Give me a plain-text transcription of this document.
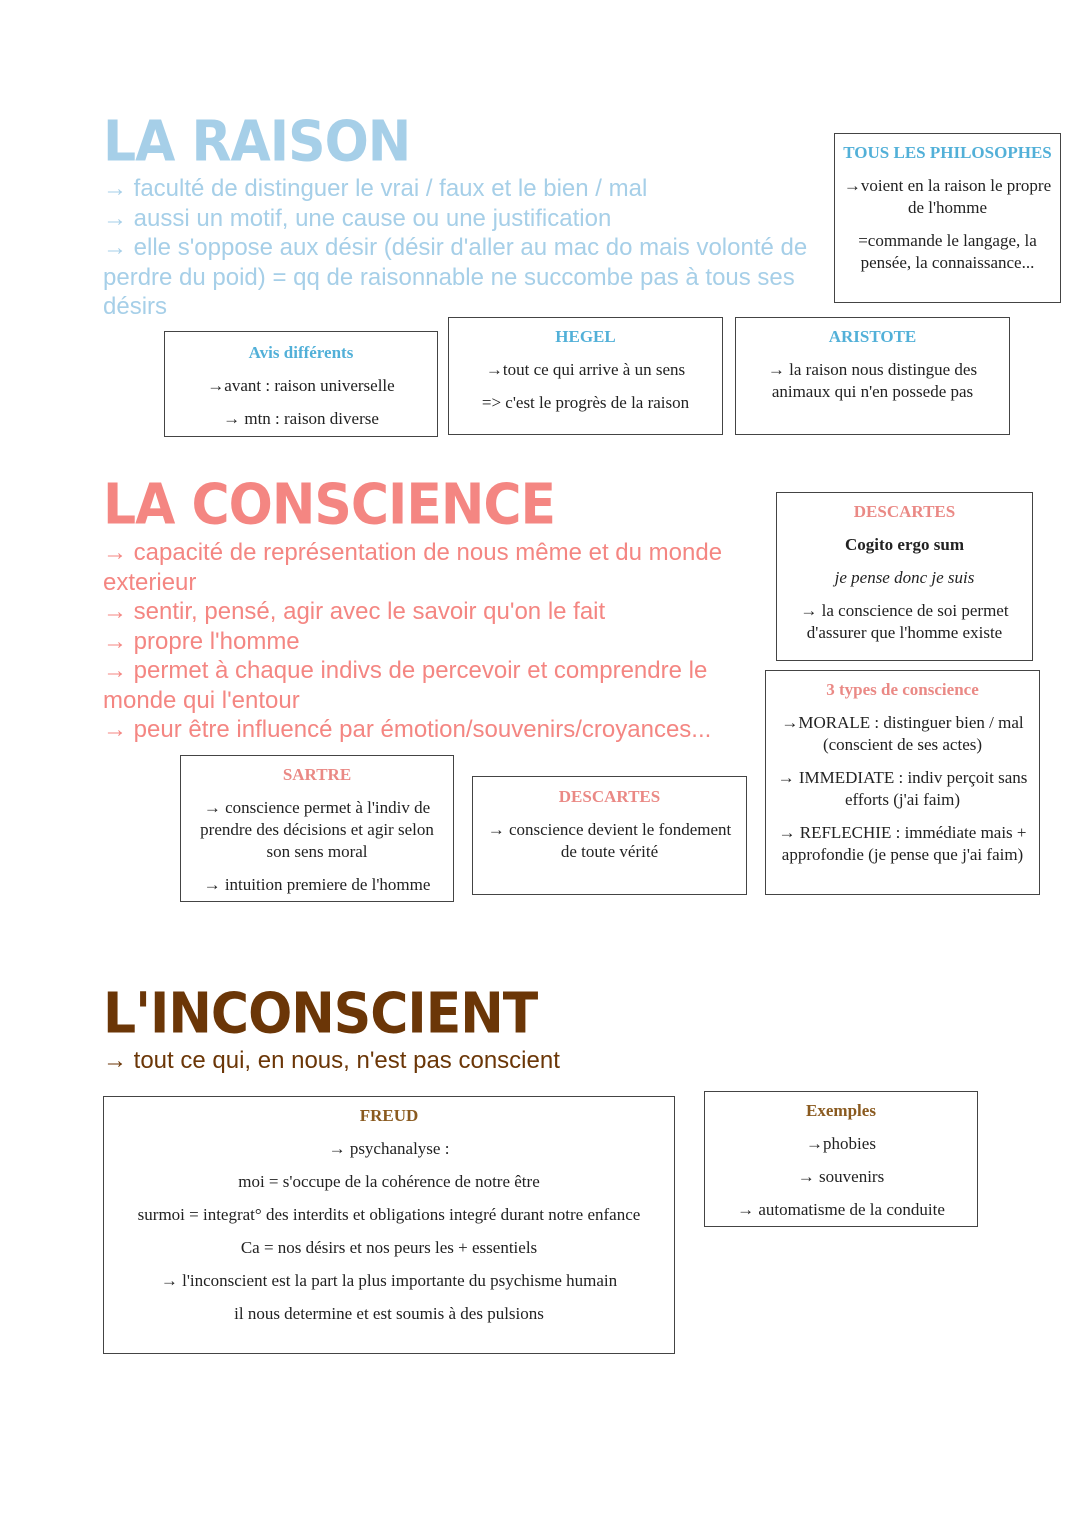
LA RAISON
→ faculté de distinguer le vrai / faux et le bien / mal
→ aussi un motif, une cause ou une justification
→ elle s'oppose aux désir (désir d'aller au mac do mais volonté de perdre du poid) = qq de raisonnable ne succombe pas à tous ses désirs
TOUS LES PHILOSOPHES
→voient en la raison le propre de l'homme
=commande le langage, la pensée, la connaissance...
Avis différents
→avant : raison universelle
→ mtn : raison diverse
HEGEL
→tout ce qui arrive à un sens
=> c'est le progrès de la raison
ARISTOTE
→ la raison nous distingue des animaux qui n'en possede pas
LA CONSCIENCE
→ capacité de représentation de nous même et du monde exterieur
→ sentir, pensé, agir avec le savoir qu'on le fait
→ propre l'homme
→ permet à chaque indivs de percevoir et comprendre le monde qui l'entour
→ peur être influencé par émotion/souvenirs/croyances...
DESCARTES
Cogito ergo sum
je pense donc je suis
→ la conscience de soi permet d'assurer que l'homme existe
3 types de conscience
→MORALE : distinguer bien / mal (conscient de ses actes)
→ IMMEDIATE : indiv perçoit sans efforts (j'ai faim)
→ REFLECHIE : immédiate mais + approfondie (je pense que j'ai faim)
SARTRE
→ conscience permet à l'indiv de prendre des décisions et agir selon son sens moral
→ intuition premiere de l'homme
DESCARTES
→ conscience devient le fondement de toute vérité
L'INCONSCIENT
→ tout ce qui, en nous, n'est pas conscient
FREUD
→ psychanalyse :
moi = s'occupe de la cohérence de notre être
surmoi = integrat° des interdits et obligations integré durant notre enfance
Ca = nos désirs et nos peurs les + essentiels
→ l'inconscient est la part la plus importante du psychisme humain
il nous determine et est soumis à des pulsions
Exemples
→phobies
→ souvenirs
→ automatisme de la conduite
